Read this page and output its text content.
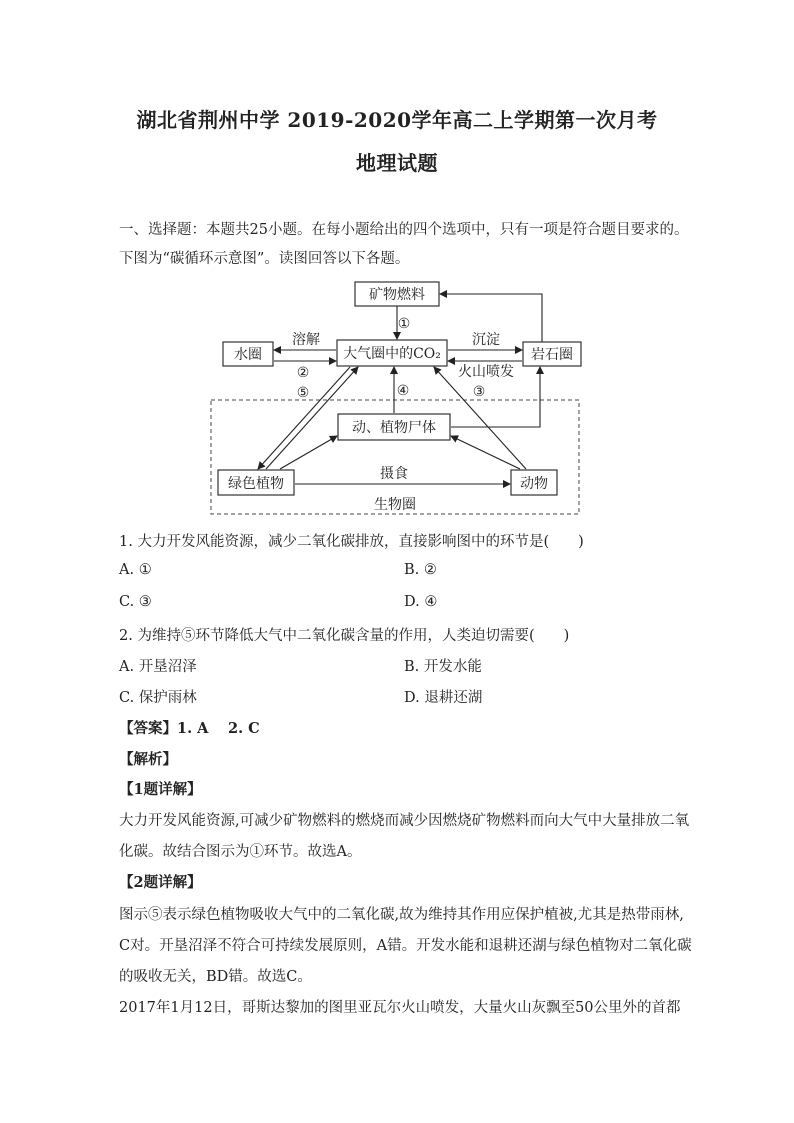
湖北省荆州中学 2019-2020学年高二上学期第一次月考
地理试题
一、选择题：本题共25小题。在每小题给出的四个选项中，只有一项是符合题目要求的。
下图为“碳循环示意图”。读图回答以下各题。
矿物燃料
水圈	大气圈中的CO₂	岩石圈
动、植物尸体
绿色植物	动物
溶解	沉淀
火山喷发
摄食
生物圈
①
②
③
④
⑤
1. 大力开发风能资源，减少二氧化碳排放，直接影响图中的环节是(　　)
A. ①	B. ②
C. ③	D. ④
2. 为维持⑤环节降低大气中二氧化碳含量的作用，人类迫切需要(　　)
A. 开垦沼泽	B. 开发水能
C. 保护雨林	D. 退耕还湖
【答案】1. A　 2. C
【解析】
【1题详解】
大力开发风能资源,可减少矿物燃料的燃烧而减少因燃烧矿物燃料而向大气中大量排放二氧
化碳。故结合图示为①环节。故选A。
【2题详解】
图示⑤表示绿色植物吸收大气中的二氧化碳,故为维持其作用应保护植被,尤其是热带雨林,
C对。开垦沼泽不符合可持续发展原则，A错。开发水能和退耕还湖与绿色植物对二氧化碳
的吸收无关，BD错。故选C。
2017年1月12日，哥斯达黎加的图里亚瓦尔火山喷发，大量火山灰飘至50公里外的首都
